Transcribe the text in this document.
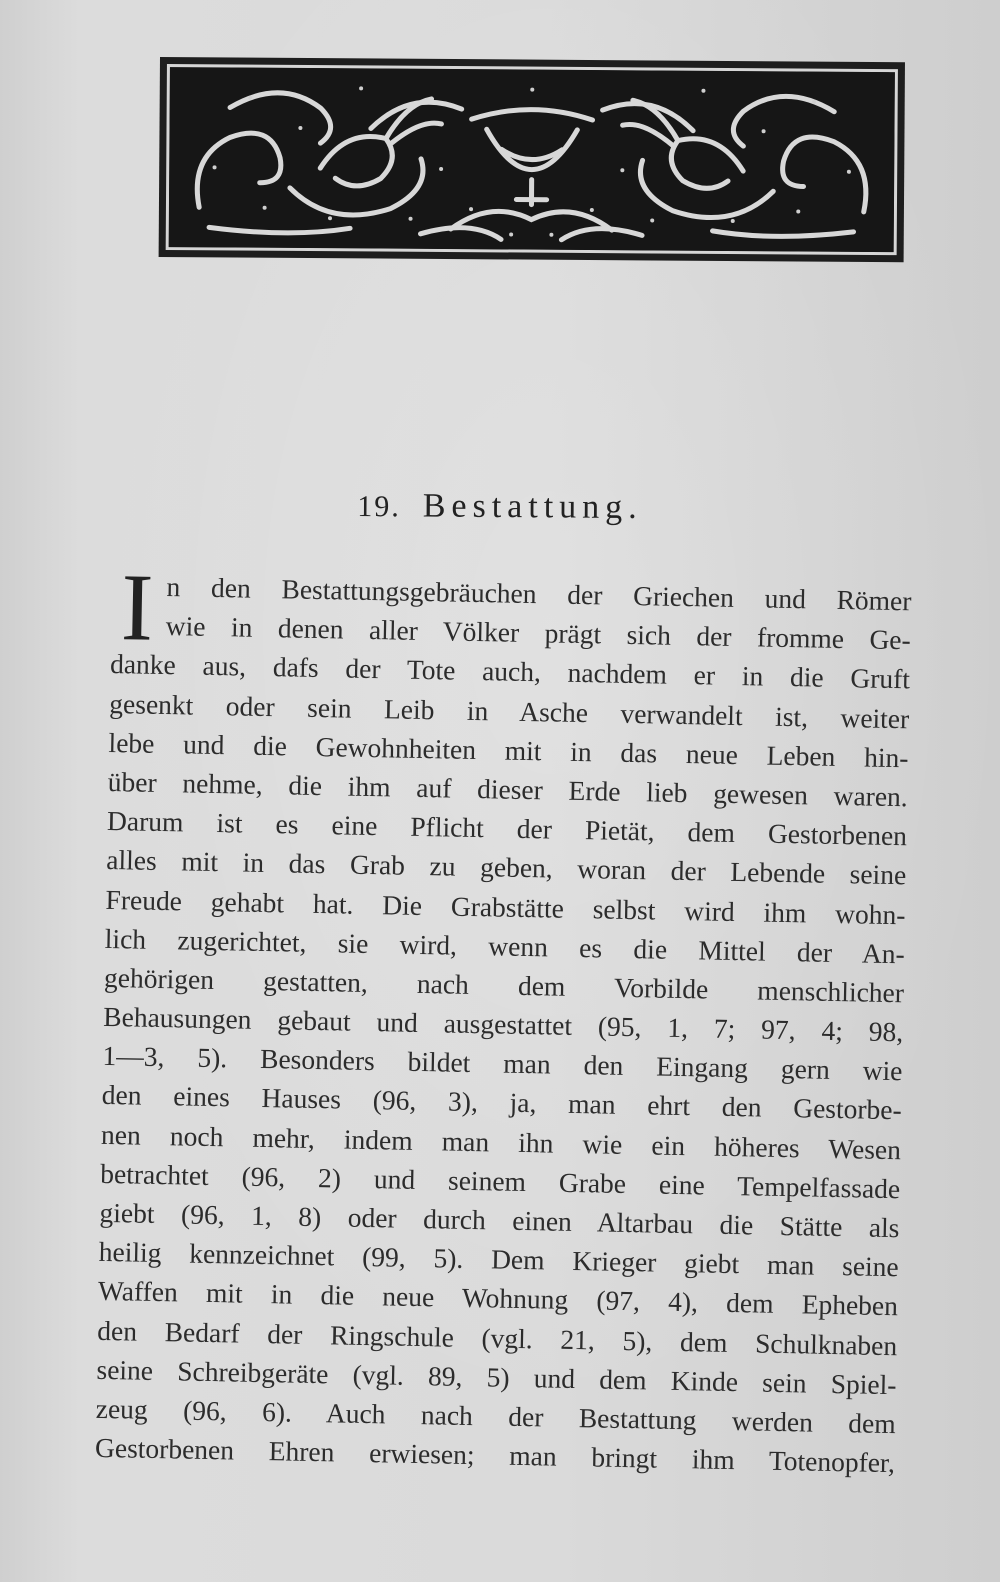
19. Bestattung.
I n den Bestattungsgebräuchen der Griechen und Römer
wie in denen aller Völker prägt sich der fromme Ge-
danke aus, dafs der Tote auch, nachdem er in die Gruft
gesenkt oder sein Leib in Asche verwandelt ist, weiter
lebe und die Gewohnheiten mit in das neue Leben hin-
über nehme, die ihm auf dieser Erde lieb gewesen waren.
Darum ist es eine Pflicht der Pietät, dem Gestorbenen
alles mit in das Grab zu geben, woran der Lebende seine
Freude gehabt hat. Die Grabstätte selbst wird ihm wohn-
lich zugerichtet, sie wird, wenn es die Mittel der An-
gehörigen gestatten, nach dem Vorbilde menschlicher
Behausungen gebaut und ausgestattet (95, 1, 7; 97, 4; 98,
1—3, 5). Besonders bildet man den Eingang gern wie
den eines Hauses (96, 3), ja, man ehrt den Gestorbe-
nen noch mehr, indem man ihn wie ein höheres Wesen
betrachtet (96, 2) und seinem Grabe eine Tempelfassade
giebt (96, 1, 8) oder durch einen Altarbau die Stätte als
heilig kennzeichnet (99, 5). Dem Krieger giebt man seine
Waffen mit in die neue Wohnung (97, 4), dem Epheben
den Bedarf der Ringschule (vgl. 21, 5), dem Schulknaben
seine Schreibgeräte (vgl. 89, 5) und dem Kinde sein Spiel-
zeug (96, 6). Auch nach der Bestattung werden dem
Gestorbenen Ehren erwiesen; man bringt ihm Totenopfer,
